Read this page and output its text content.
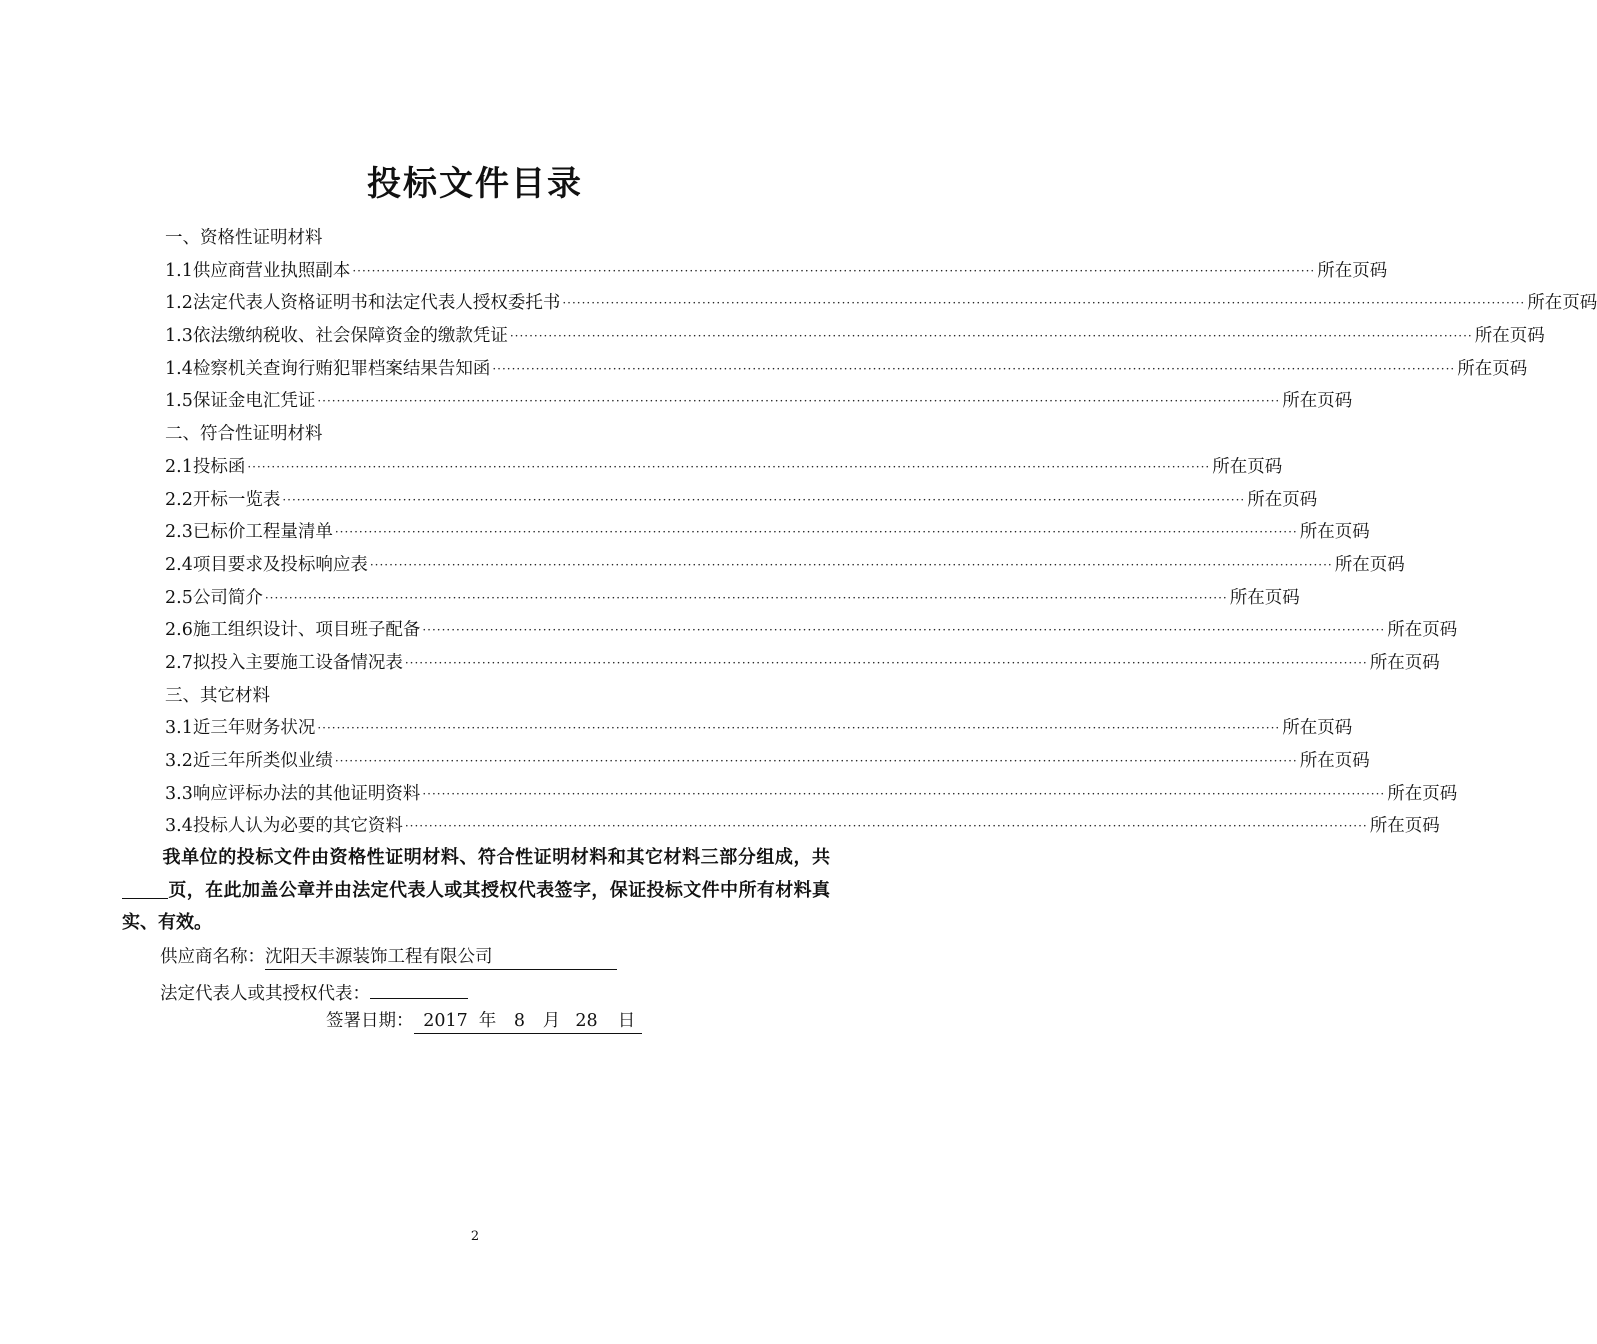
投标文件目录
一、资格性证明材料
1.1供应商营业执照副本 ········································································································································································································ 所在页码
1.2法定代表人资格证明书和法定代表人授权委托书 ········································································································································································································ 所在页码
1.3依法缴纳税收、社会保障资金的缴款凭证 ········································································································································································································ 所在页码
1.4检察机关查询行贿犯罪档案结果告知函 ········································································································································································································ 所在页码
1.5保证金电汇凭证 ········································································································································································································ 所在页码
二、符合性证明材料
2.1投标函 ········································································································································································································ 所在页码
2.2开标一览表 ········································································································································································································ 所在页码
2.3已标价工程量清单 ········································································································································································································ 所在页码
2.4项目要求及投标响应表 ········································································································································································································ 所在页码
2.5公司简介 ········································································································································································································ 所在页码
2.6施工组织设计、项目班子配备 ········································································································································································································ 所在页码
2.7拟投入主要施工设备情况表 ········································································································································································································ 所在页码
三、其它材料
3.1近三年财务状况 ········································································································································································································ 所在页码
3.2近三年所类似业绩 ········································································································································································································ 所在页码
3.3响应评标办法的其他证明资料 ········································································································································································································ 所在页码
3.4投标人认为必要的其它资料 ········································································································································································································ 所在页码

我单位的投标文件由资格性证明材料、符合性证明材料和其它材料三部分组成，共页，在此加盖公章并由法定代表人或其授权代表签字，保证投标文件中所有材料真实、有效。

供应商名称：沈阳天丰源装饰工程有限公司
法定代表人或其授权代表：
签署日期： 2017 年 8 月 28 日
2
